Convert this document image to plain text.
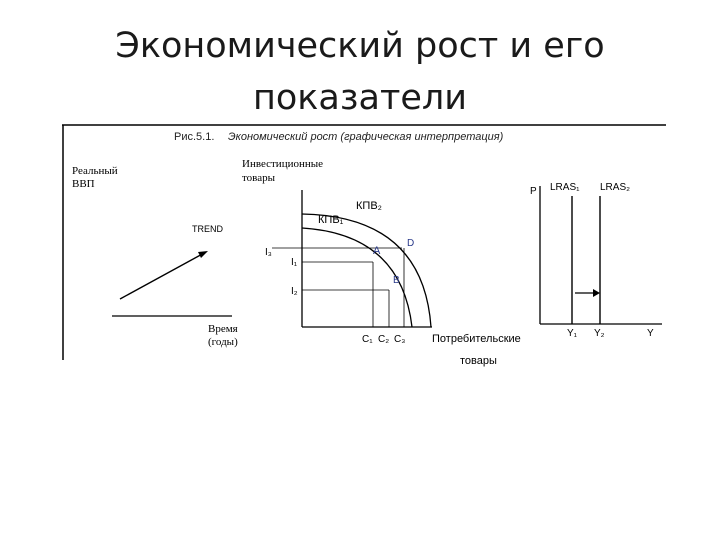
Экономический рост и его
показатели
Рис.5.1. Экономический рост (графическая интерпретация)
Реальный
ВВП
TREND
Время
(годы)
Инвестиционные
товары
КПВ₁
КПВ₂
A
B
D
I₃
I₁
I₂
C₁ C₂ C₃ Потребительские
товары
P LRAS₁ LRAS₂
Y₁ Y₂	Y
